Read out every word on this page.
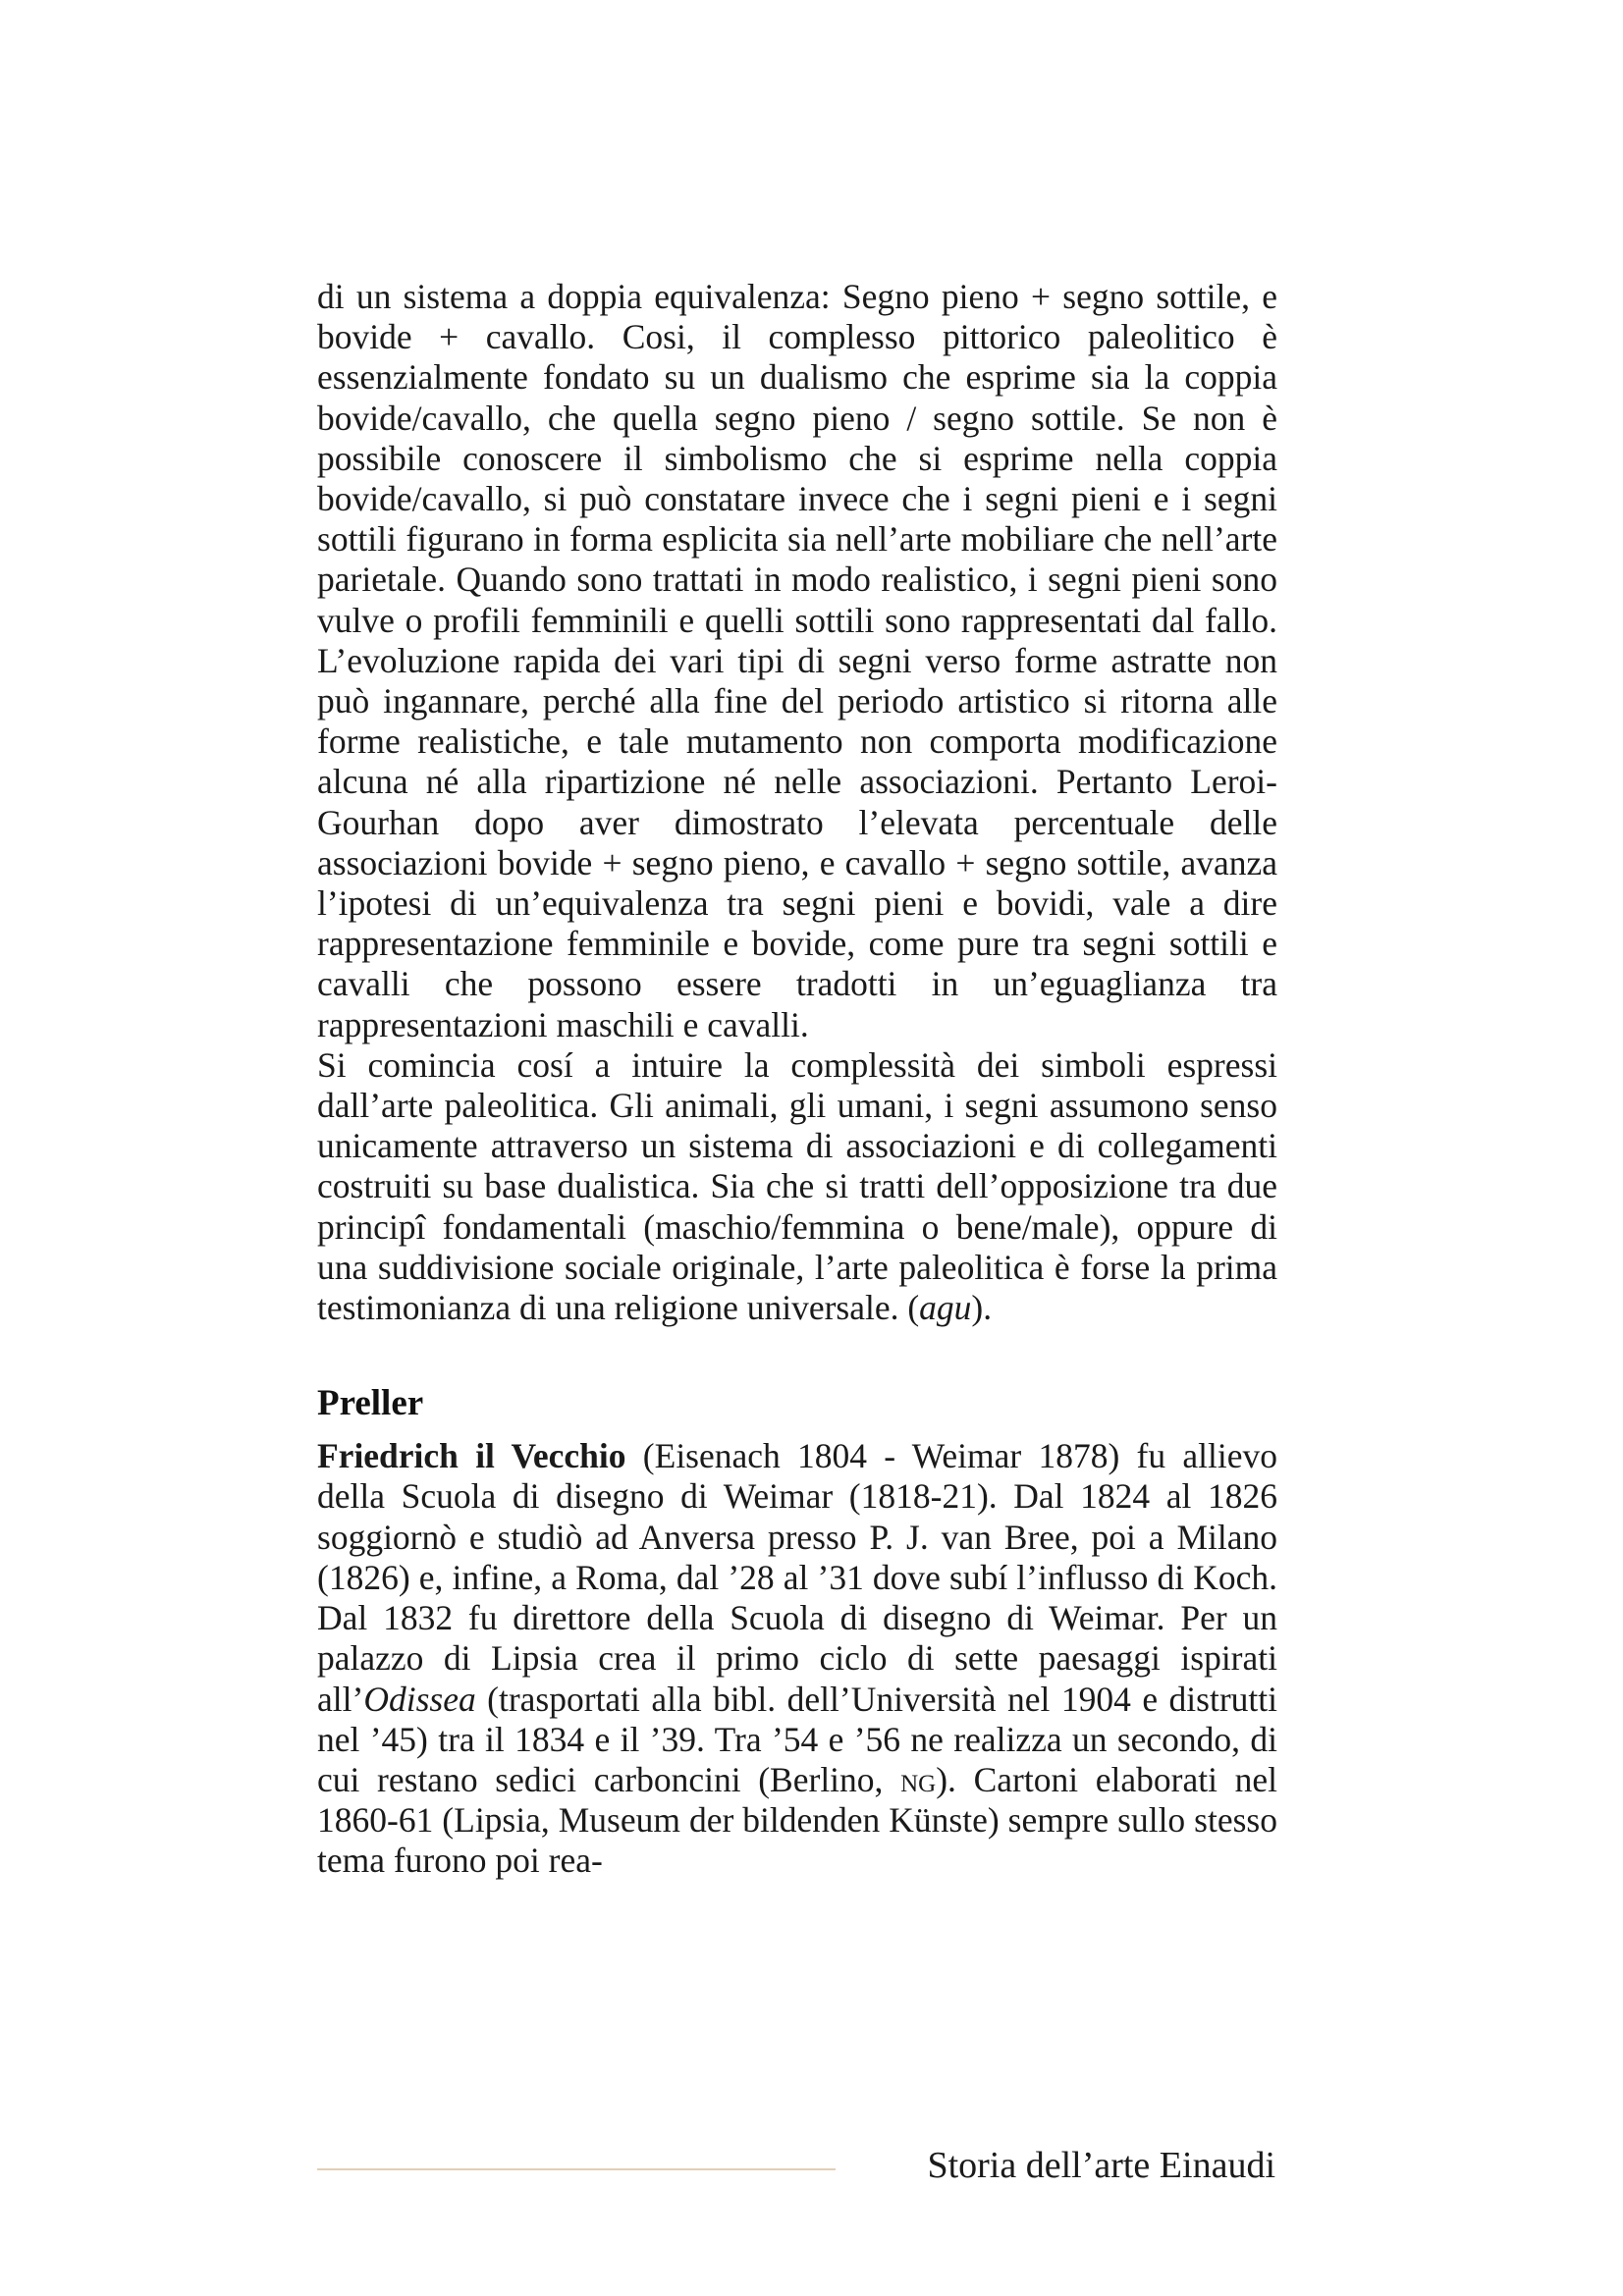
di un sistema a doppia equivalenza: Segno pieno + segno sottile, e bovide + cavallo. Cosi, il complesso pittorico paleolitico è essenzialmente fondato su un dualismo che esprime sia la coppia bovide/cavallo, che quella segno pieno / segno sottile. Se non è possibile conoscere il simbolismo che si esprime nella coppia bovide/cavallo, si può constatare invece che i segni pieni e i segni sottili figurano in forma esplicita sia nell’arte mobiliare che nell’arte parietale. Quando sono trattati in modo realistico, i segni pieni sono vulve o profili femminili e quelli sottili sono rappresentati dal fallo. L’evoluzione rapida dei vari tipi di segni verso forme astratte non può ingannare, perché alla fine del periodo artistico si ritorna alle forme realistiche, e tale mutamento non comporta modificazione alcuna né alla ripartizione né nelle associazioni. Pertanto Leroi-Gourhan dopo aver dimostrato l’elevata percentuale delle associazioni bovide + segno pieno, e cavallo + segno sottile, avanza l’ipotesi di un’equivalenza tra segni pieni e bovidi, vale a dire rappresentazione femminile e bovide, come pure tra segni sottili e cavalli che possono essere tradotti in un’eguaglianza tra rappresentazioni maschili e cavalli.

Si comincia cosí a intuire la complessità dei simboli espressi dall’arte paleolitica. Gli animali, gli umani, i segni assumono senso unicamente attraverso un sistema di associazioni e di collegamenti costruiti su base dualistica. Sia che si tratti dell’opposizione tra due principî fondamentali (maschio/femmina o bene/male), oppure di una suddivisione sociale originale, l’arte paleolitica è forse la prima testimonianza di una religione universale. (agu).

Preller

Friedrich il Vecchio (Eisenach 1804 - Weimar 1878) fu allievo della Scuola di disegno di Weimar (1818-21). Dal 1824 al 1826 soggiornò e studiò ad Anversa presso P. J. van Bree, poi a Milano (1826) e, infine, a Roma, dal ’28 al ’31 dove subí l’influsso di Koch. Dal 1832 fu direttore della Scuola di disegno di Weimar. Per un palazzo di Lipsia crea il primo ciclo di sette paesaggi ispirati all’Odissea (trasportati alla bibl. dell’Università nel 1904 e distrutti nel ’45) tra il 1834 e il ’39. Tra ’54 e ’56 ne realizza un secondo, di cui restano sedici carboncini (Berlino, ng). Cartoni elaborati nel 1860-61 (Lipsia, Museum der bildenden Künste) sempre sullo stesso tema furono poi rea-

Storia dell’arte Einaudi
